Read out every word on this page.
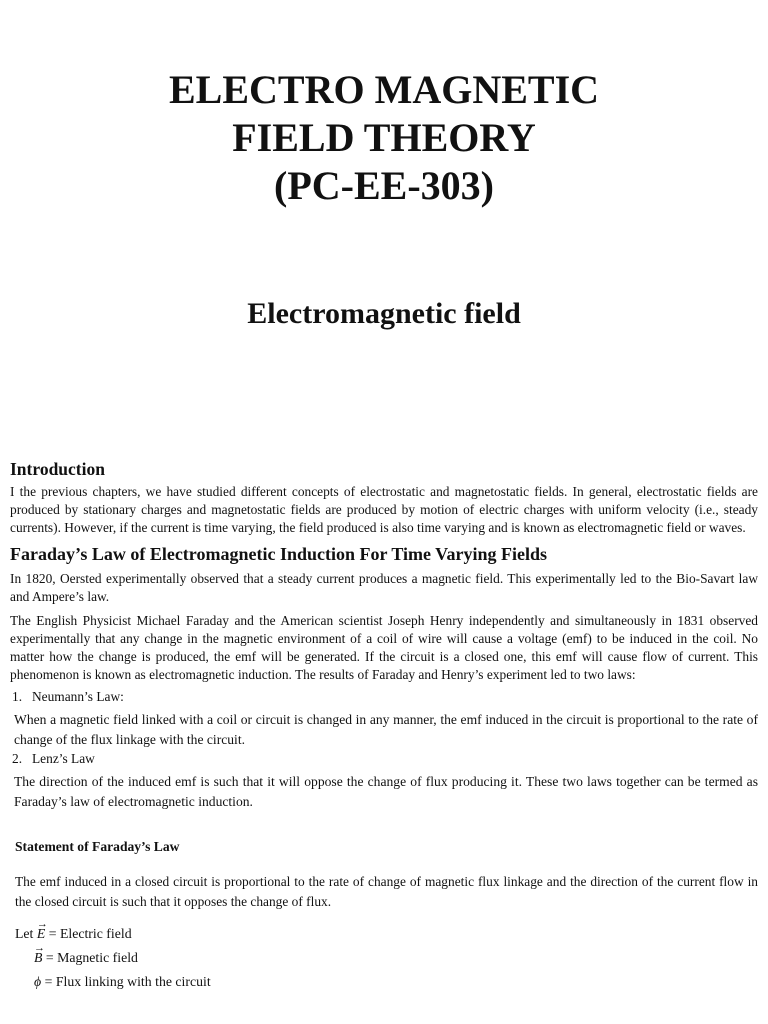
ELECTRO MAGNETIC
FIELD THEORY
(PC-EE-303)
Electromagnetic field
Introduction

I the previous chapters, we have studied different concepts of electrostatic and magnetostatic fields. In general, electrostatic fields are produced by stationary charges and magnetostatic fields are produced by motion of electric charges with uniform velocity (i.e., steady currents). However, if the current is time varying, the field produced is also time varying and is known as electromagnetic field or waves.

Faraday’s Law of Electromagnetic Induction For Time Varying Fields

In 1820, Oersted experimentally observed that a steady current produces a magnetic field. This experimentally led to the Bio-Savart law and Ampere’s law.

The English Physicist Michael Faraday and the American scientist Joseph Henry independently and simultaneously in 1831 observed experimentally that any change in the magnetic environment of a coil of wire will cause a voltage (emf) to be induced in the coil. No matter how the change is produced, the emf will be generated. If the circuit is a closed one, this emf will cause flow of current. This phenomenon is known as electromagnetic induction. The results of Faraday and Henry’s experiment led to two laws:

1. Neumann’s Law:

When a magnetic field linked with a coil or circuit is changed in any manner, the emf induced in the circuit is proportional to the rate of change of the flux linkage with the circuit.

2. Lenz’s Law

The direction of the induced emf is such that it will oppose the change of flux producing it. These two laws together can be termed as Faraday’s law of electromagnetic induction.

Statement of Faraday’s Law

The emf induced in a closed circuit is proportional to the rate of change of magnetic flux linkage and the direction of the current flow in the closed circuit is such that it opposes the change of flux.

Let → E = Electric field
→ B = Magnetic field
ϕ = Flux linking with the circuit
